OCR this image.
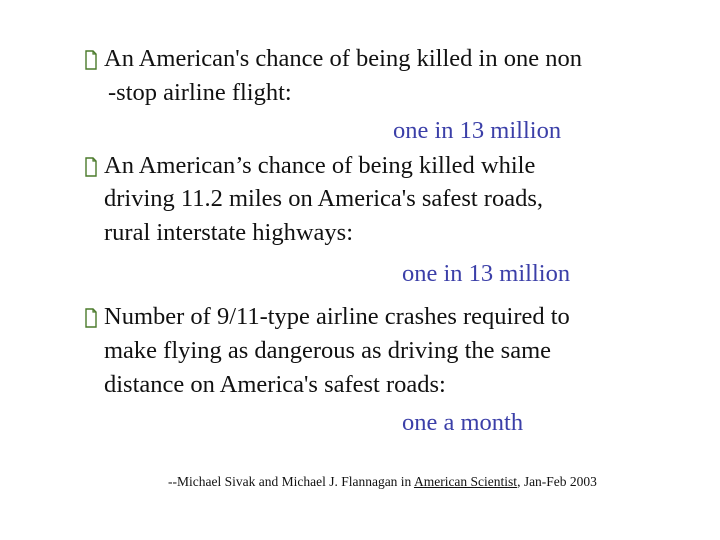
An American's chance of being killed in one non
-stop airline flight:
one in 13 million
An American’s chance of being killed while
driving 11.2 miles on America's safest roads,
rural interstate highways:
one in 13 million
Number of 9/11-type airline crashes required to
make flying as dangerous as driving the same
distance on America's safest roads:
one a month
--Michael Sivak and Michael J. Flannagan in American Scientist, Jan-Feb 2003
